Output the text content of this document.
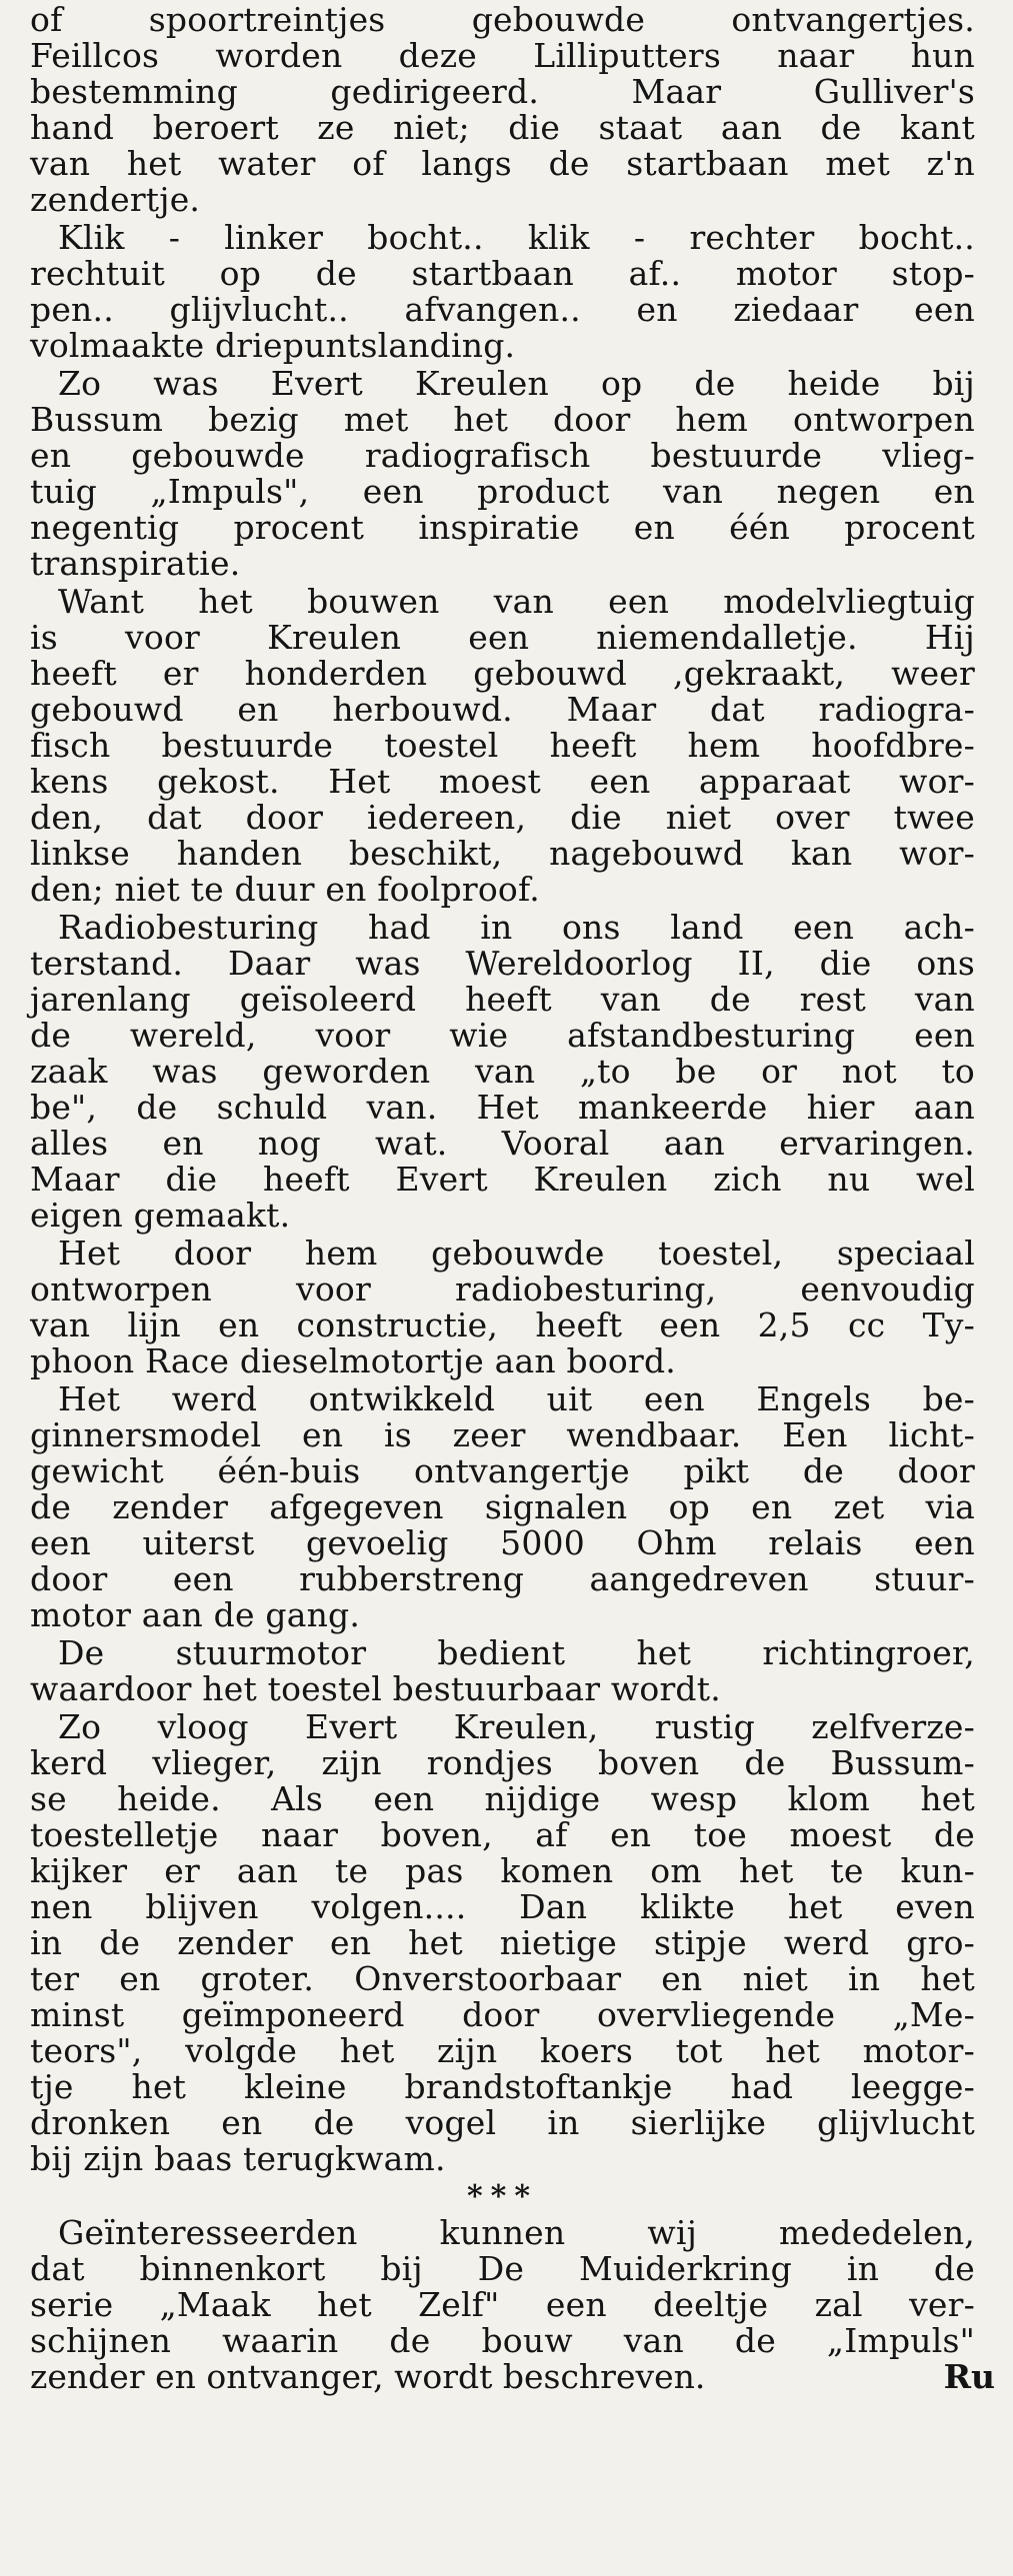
of spoortreintjes gebouwde ontvangertjes.
Feillcos worden deze Lilliputters naar hun
bestemming gedirigeerd. Maar Gulliver's
hand beroert ze niet; die staat aan de kant
van het water of langs de startbaan met z'n
zendertje.
Klik - linker bocht.. klik - rechter bocht..
rechtuit op de startbaan af.. motor stop-
pen.. glijvlucht.. afvangen.. en ziedaar een
volmaakte driepuntslanding.
Zo was Evert Kreulen op de heide bij
Bussum bezig met het door hem ontworpen
en gebouwde radiografisch bestuurde vlieg-
tuig „Impuls", een product van negen en
negentig procent inspiratie en één procent
transpiratie.
Want het bouwen van een modelvliegtuig
is voor Kreulen een niemendalletje. Hij
heeft er honderden gebouwd ,gekraakt, weer
gebouwd en herbouwd. Maar dat radiogra-
fisch bestuurde toestel heeft hem hoofdbre-
kens gekost. Het moest een apparaat wor-
den, dat door iedereen, die niet over twee
linkse handen beschikt, nagebouwd kan wor-
den; niet te duur en foolproof.
Radiobesturing had in ons land een ach-
terstand. Daar was Wereldoorlog II, die ons
jarenlang geïsoleerd heeft van de rest van
de wereld, voor wie afstandbesturing een
zaak was geworden van „to be or not to
be", de schuld van. Het mankeerde hier aan
alles en nog wat. Vooral aan ervaringen.
Maar die heeft Evert Kreulen zich nu wel
eigen gemaakt.
Het door hem gebouwde toestel, speciaal
ontworpen voor radiobesturing, eenvoudig
van lijn en constructie, heeft een 2,5 cc Ty-
phoon Race dieselmotortje aan boord.
Het werd ontwikkeld uit een Engels be-
ginnersmodel en is zeer wendbaar. Een licht-
gewicht één-buis ontvangertje pikt de door
de zender afgegeven signalen op en zet via
een uiterst gevoelig 5000 Ohm relais een
door een rubberstreng aangedreven stuur-
motor aan de gang.
De stuurmotor bedient het richtingroer,
waardoor het toestel bestuurbaar wordt.
Zo vloog Evert Kreulen, rustig zelfverze-
kerd vlieger, zijn rondjes boven de Bussum-
se heide. Als een nijdige wesp klom het
toestelletje naar boven, af en toe moest de
kijker er aan te pas komen om het te kun-
nen blijven volgen.... Dan klikte het even
in de zender en het nietige stipje werd gro-
ter en groter. Onverstoorbaar en niet in het
minst geïmponeerd door overvliegende „Me-
teors", volgde het zijn koers tot het motor-
tje het kleine brandstoftankje had leegge-
dronken en de vogel in sierlijke glijvlucht
bij zijn baas terugkwam.
***
Geïnteresseerden kunnen wij mededelen,
dat binnenkort bij De Muiderkring in de
serie „Maak het Zelf" een deeltje zal ver-
schijnen waarin de bouw van de „Impuls"
zender en ontvanger, wordt beschreven.	Ru
